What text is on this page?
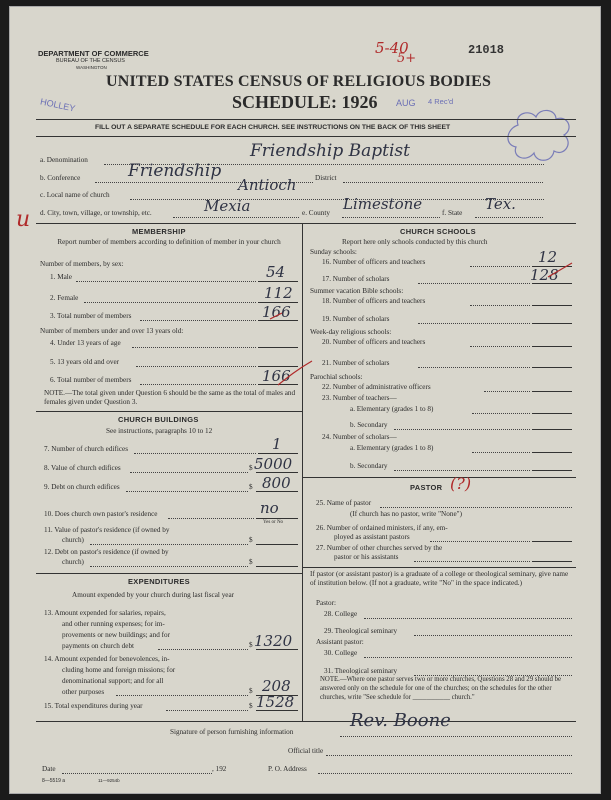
DEPARTMENT OF COMMERCE
BUREAU OF THE CENSUS
WASHINGTON
5-40
5+
21018
UNITED STATES CENSUS OF RELIGIOUS BODIES
SCHEDULE: 1926
HOLLEY	AUG 4 Rec'd
FILL OUT A SEPARATE SCHEDULE FOR EACH CHURCH. SEE INSTRUCTIONS ON THE BACK OF THIS SHEET
a. Denomination	Friendship Baptist
b. Conference	Friendship	District
c. Local name of church
Antioch
u d. City, town, village, or township, etc.	Mexia	e. County Limestone	f. State Tex.
MEMBERSHIP
Report number of members according to definition of member in your church
Number of members, by sex:
1. Male	54
2. Female	112
3. Total number of members	166
Number of members under and over 13 years old:
4. Under 13 years of age
5. 13 years old and over
6. Total number of members	166
NOTE.—The total given under Question 6 should be the same as the total of males and females given under Question 3.
CHURCH BUILDINGS
See instructions, paragraphs 10 to 12
7. Number of church edifices	1
8. Value of church edifices	$ 5000
9. Debt on church edifices	$ 800
10. Does church own pastor's residence	no
Yes or No
11. Value of pastor's residence (if owned by
church)	$
12. Debt on pastor's residence (if owned by
church)	$
EXPENDITURES
Amount expended by your church during last fiscal year
13. Amount expended for salaries, repairs,
and other running expenses; for im-
provements or new buildings; and for
payments on church debt	$ 1320
14. Amount expended for benevolences, in-
cluding home and foreign missions; for
denominational support; and for all
other purposes	$ 208
15. Total expenditures during year	$ 1528
CHURCH SCHOOLS
Report here only schools conducted by this church
Sunday schools:
16. Number of officers and teachers	12
17. Number of scholars	128
Summer vacation Bible schools:
18. Number of officers and teachers
19. Number of scholars
Week-day religious schools:
20. Number of officers and teachers
21. Number of scholars
Parochial schools:
22. Number of administrative officers
23. Number of teachers—
a. Elementary (grades 1 to 8)
b. Secondary
24. Number of scholars—
a. Elementary (grades 1 to 8)
b. Secondary
PASTOR (?)
25. Name of pastor
(If church has no pastor, write "None")
26. Number of ordained ministers, if any, em-
ployed as assistant pastors
27. Number of other churches served by the
pastor or his assistants
If pastor (or assistant pastor) is a graduate of a college or theological seminary, give name of institution below. (If not a graduate, write "No" in the space indicated.)
Pastor:
28. College
29. Theological seminary
Assistant pastor:
30. College
31. Theological seminary
NOTE.—Where one pastor serves two or more churches, Questions 28 and 29 should be answered only on the schedule for one of the churches; on the schedules for the other churches, write "See schedule for ___________ church."
Signature of person furnishing information
Rev. Boone
Official title
Date	, 192	P. O. Address
8—5519 a	11—9254b
